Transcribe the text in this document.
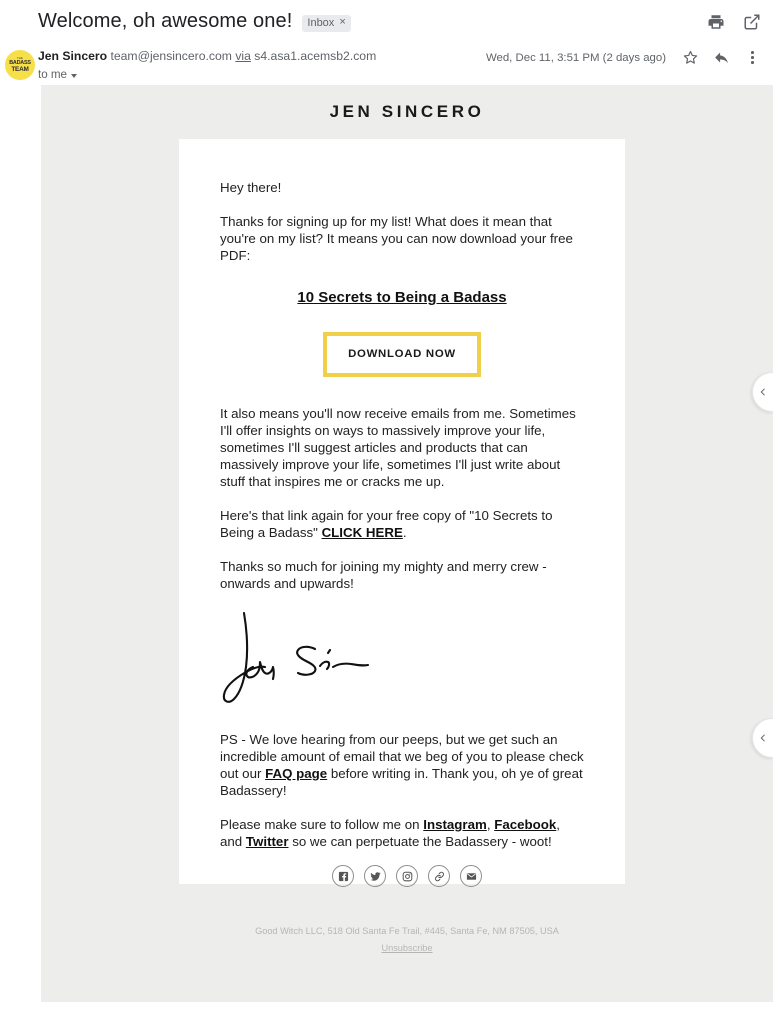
Welcome, oh awesome one! Inbox ×
THE
BADASS
TEAM
Jen Sincero team@jensincero.com via s4.asa1.acemsb2.com
to me
Wed, Dec 11, 3:51 PM (2 days ago)
JEN SINCERO

Hey there!

Thanks for signing up for my list! What does it mean that you're on my list? It means you can now download your free PDF:

10 Secrets to Being a Badass
DOWNLOAD NOW

It also means you'll now receive emails from me. Sometimes I'll offer insights on ways to massively improve your life, sometimes I'll suggest articles and products that can massively improve your life, sometimes I'll just write about stuff that inspires me or cracks me up.

Here's that link again for your free copy of "10 Secrets to Being a Badass" CLICK HERE.

Thanks so much for joining my mighty and merry crew - onwards and upwards!

PS - We love hearing from our peeps, but we get such an incredible amount of email that we beg of you to please check out our FAQ page before writing in. Thank you, oh ye of great Badassery!

Please make sure to follow me on Instagram, Facebook, and Twitter so we can perpetuate the Badassery - woot!

Good Witch LLC, 518 Old Santa Fe Trail, #445, Santa Fe, NM 87505, USA
Unsubscribe
